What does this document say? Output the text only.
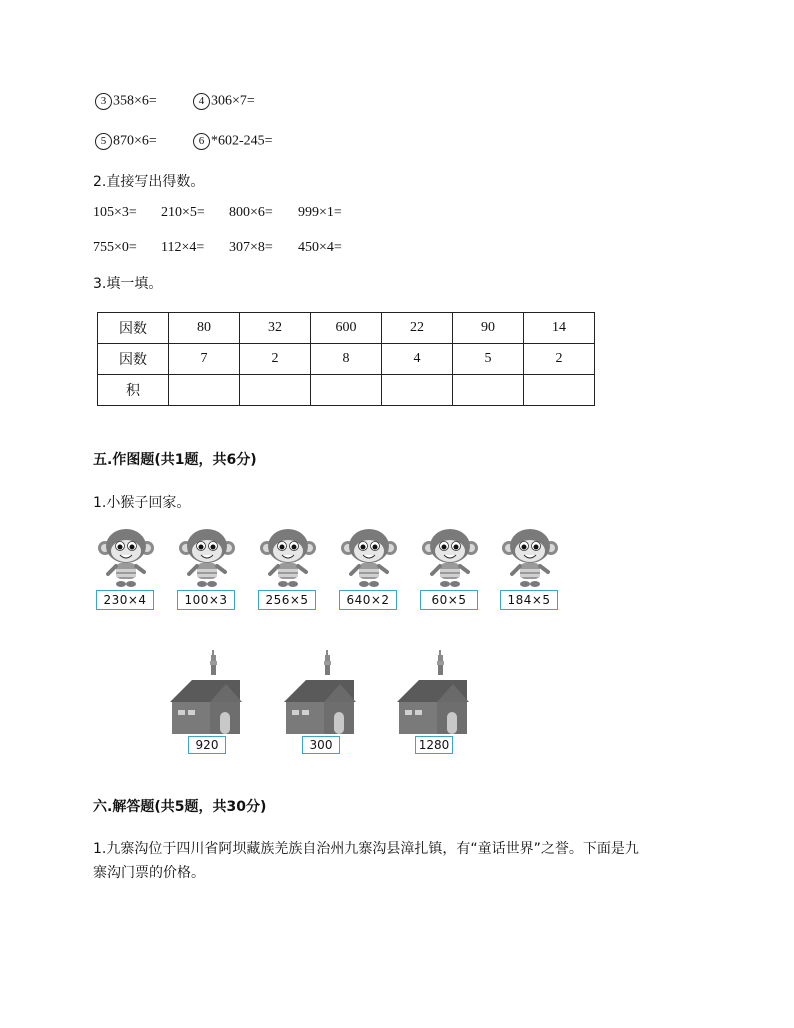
3 358×6=	4 306×7=
5 870×6=	6 *602-245=
2.直接写出得数。
105×3= 210×5= 800×6= 999×1=
755×0= 112×4= 307×8= 450×4=
3.填一填。
因数	80	32	600	22	90	14
因数	7	2	8	4	5	2
积						
五.作图题(共1题，共6分)
1.小猴子回家。
230×4	100×3	256×5	640×2	60×5	184×5
920	300	1280
六.解答题(共5题，共30分)
1.九寨沟位于四川省阿坝藏族羌族自治州九寨沟县漳扎镇，有“童话世界”之誉。下面是九
寨沟门票的价格。
